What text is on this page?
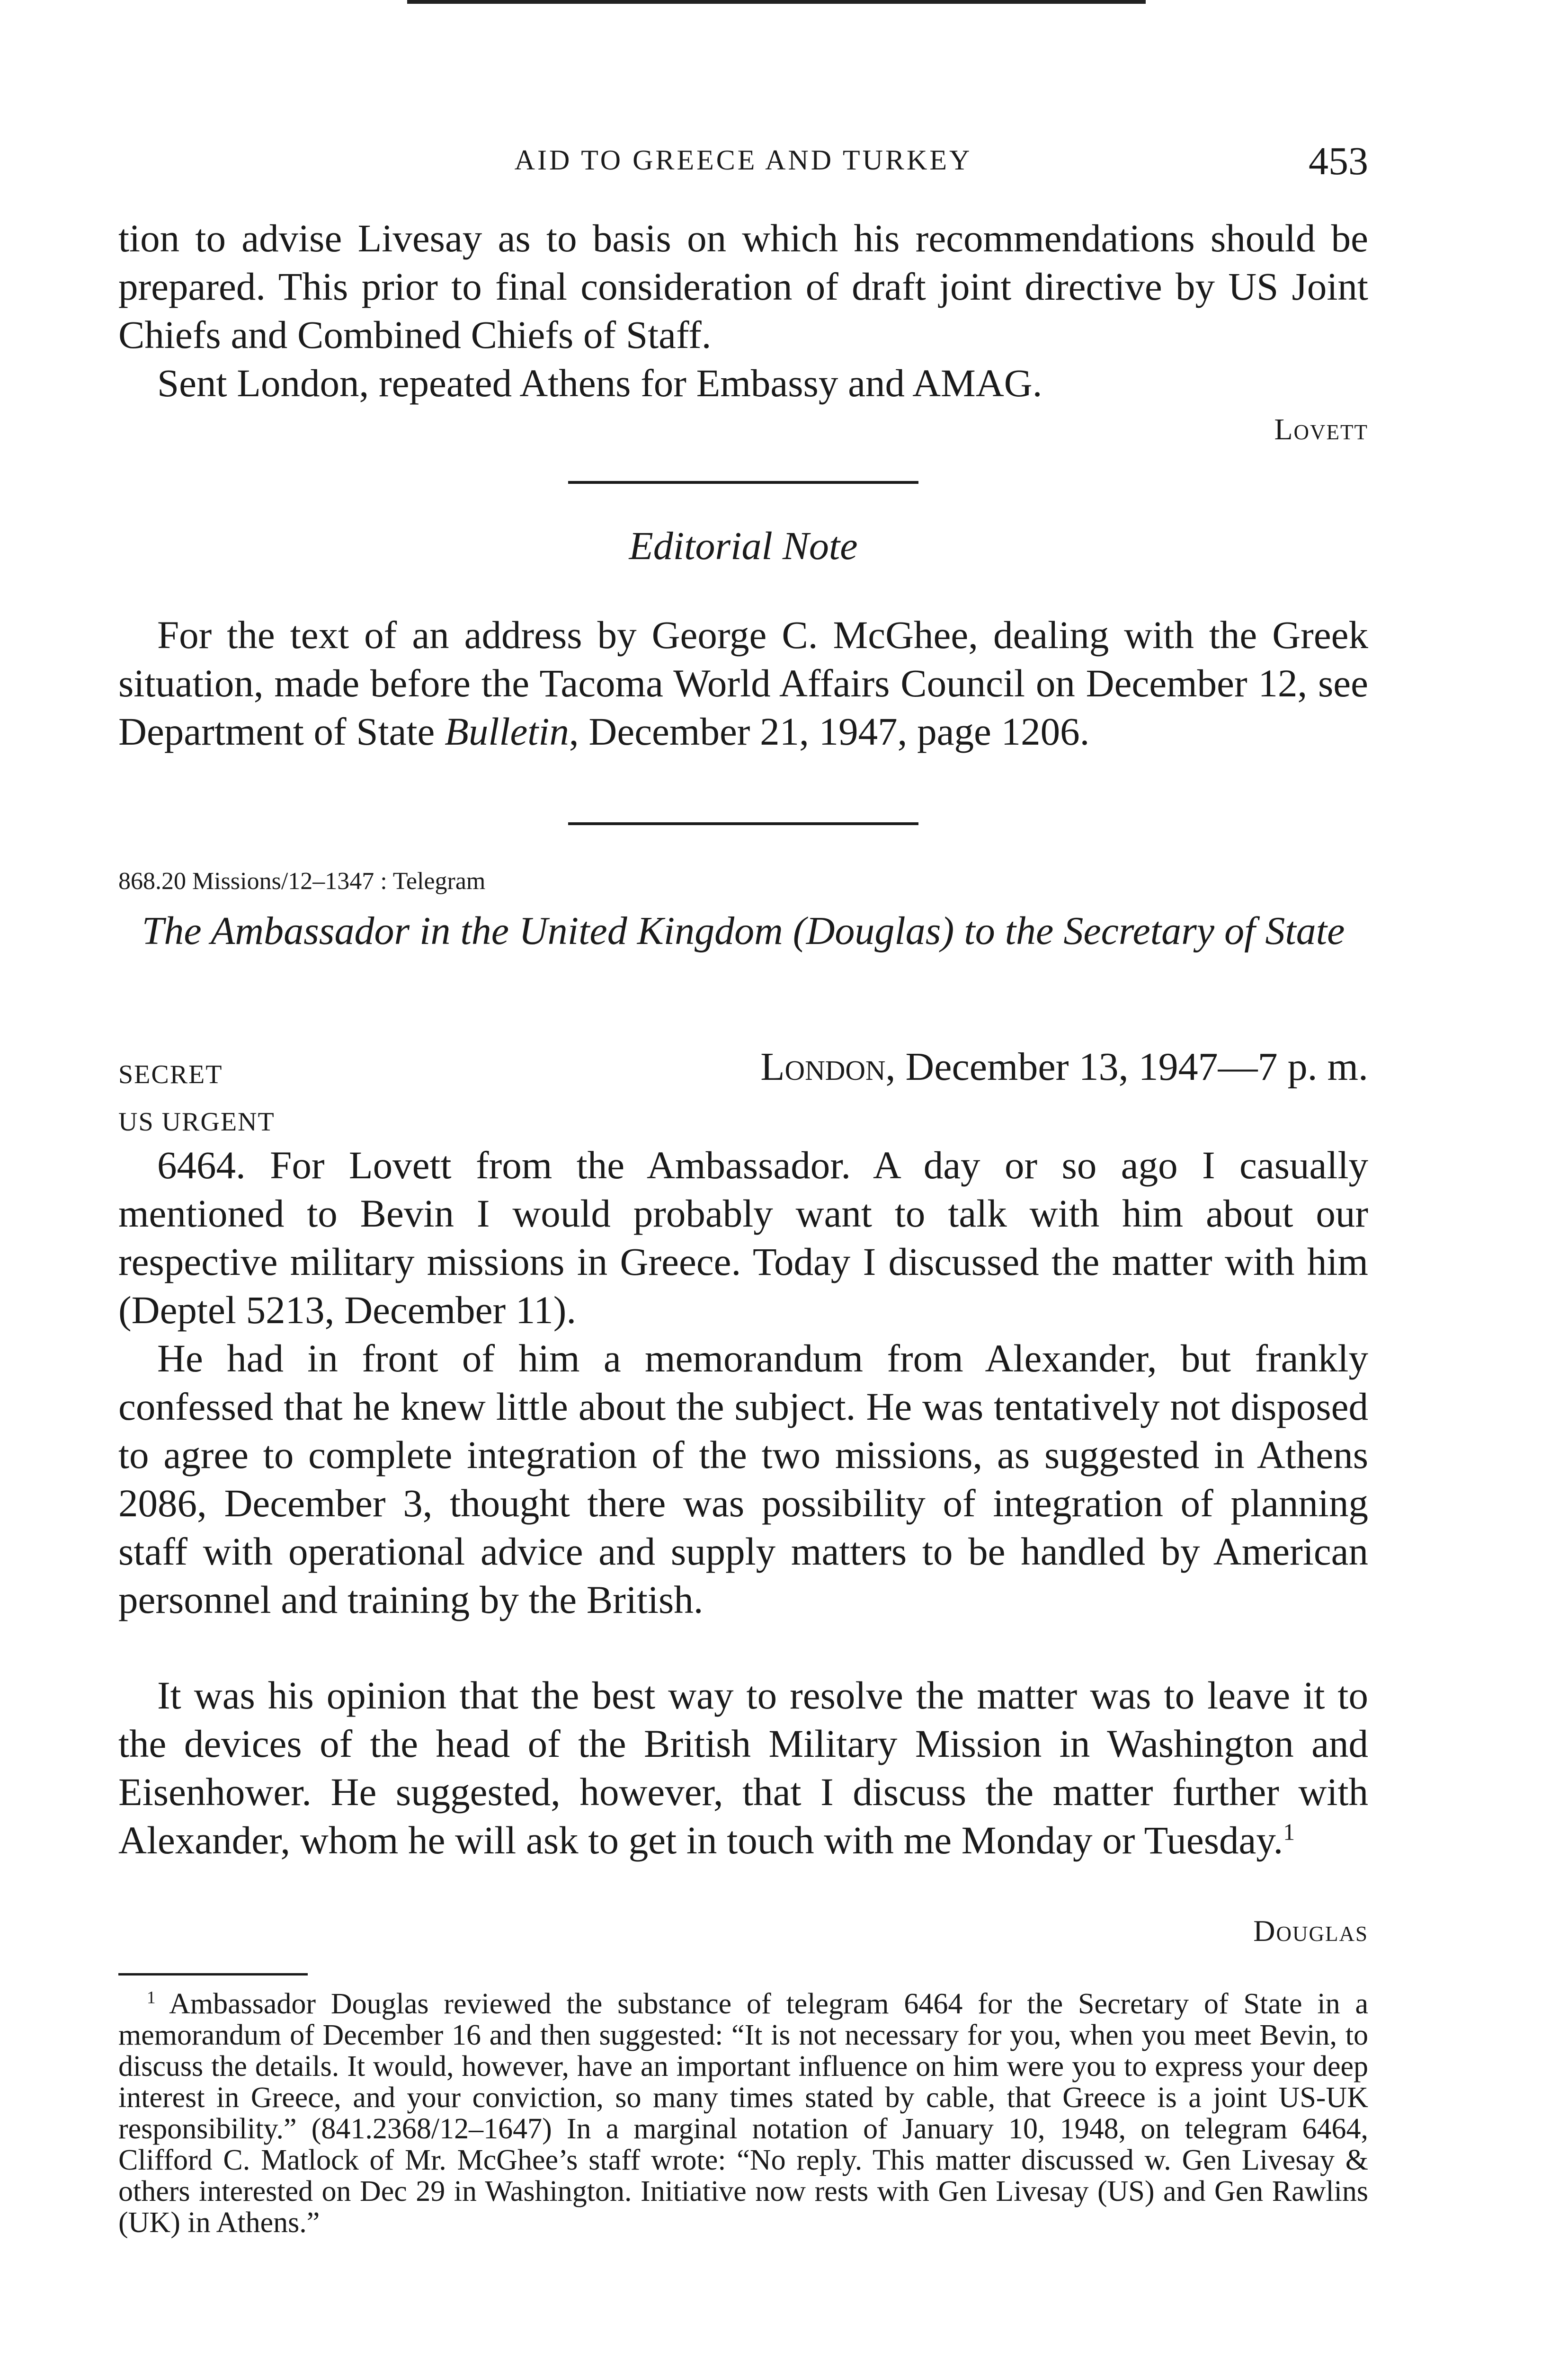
AID TO GREECE AND TURKEY	453

tion to advise Livesay as to basis on which his recommendations should be prepared. This prior to final consideration of draft joint directive by US Joint Chiefs and Combined Chiefs of Staff.

Sent London, repeated Athens for Embassy and AMAG.

Lovett
Editorial Note

For the text of an address by George C. McGhee, dealing with the Greek situation, made before the Tacoma World Affairs Council on December 12, see Department of State Bulletin, December 21, 1947, page 1206.

868.20 Missions/12–1347 : Telegram
The Ambassador in the United Kingdom (Douglas) to the Secretary of State
SECRET
US URGENT
London, December 13, 1947—7 p. m.

6464. For Lovett from the Ambassador. A day or so ago I casually mentioned to Bevin I would probably want to talk with him about our respective military missions in Greece. Today I discussed the matter with him (Deptel 5213, December 11).

He had in front of him a memorandum from Alexander, but frankly confessed that he knew little about the subject. He was tentatively not disposed to agree to complete integration of the two missions, as suggested in Athens 2086, December 3, thought there was possibility of integration of planning staff with operational advice and supply matters to be handled by American personnel and training by the British.

It was his opinion that the best way to resolve the matter was to leave it to the devices of the head of the British Military Mission in Washington and Eisenhower. He suggested, however, that I discuss the matter further with Alexander, whom he will ask to get in touch with me Monday or Tuesday.$^1$

Douglas

$^1$ Ambassador Douglas reviewed the substance of telegram 6464 for the Secretary of State in a memorandum of December 16 and then suggested: “It is not necessary for you, when you meet Bevin, to discuss the details. It would, however, have an important influence on him were you to express your deep interest in Greece, and your conviction, so many times stated by cable, that Greece is a joint US-UK responsibility.” (841.2368/12–1647) In a marginal notation of January 10, 1948, on telegram 6464, Clifford C. Matlock of Mr. McGhee’s staff wrote: “No reply. This matter discussed w. Gen Livesay & others interested on Dec 29 in Washington. Initiative now rests with Gen Livesay (US) and Gen Rawlins (UK) in Athens.”
